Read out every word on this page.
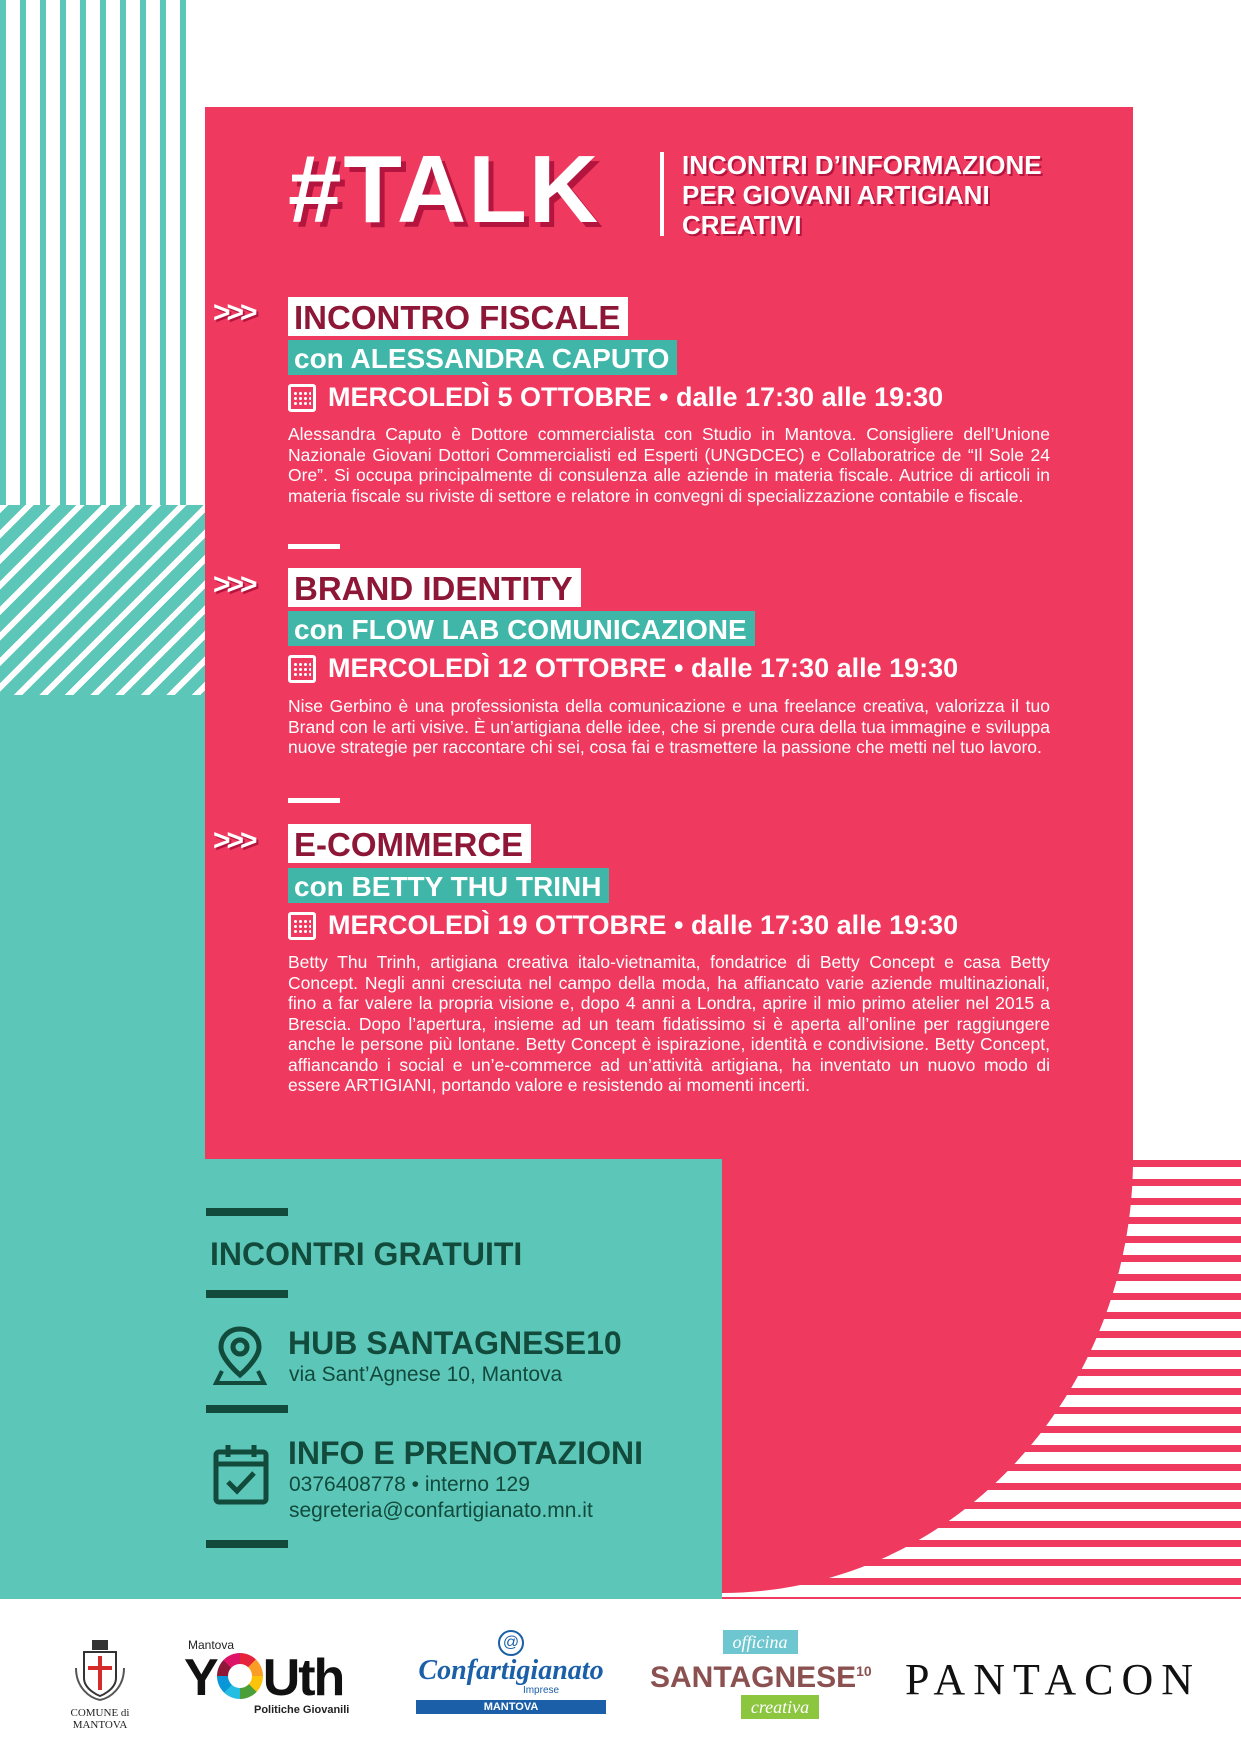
#TALK	INCONTRI D’INFORMAZIONE
PER GIOVANI ARTIGIANI
CREATIVI
>>> INCONTRO FISCALE
con ALESSANDRA CAPUTO
MERCOLEDÌ 5 OTTOBRE • dalle 17:30 alle 19:30
Alessandra Caputo è Dottore commercialista con Studio in Mantova. Consigliere dell’Unione Nazionale Giovani Dottori Commercialisti ed Esperti (UNGDCEC) e Collaboratrice de “Il Sole 24 Ore”. Si occupa principalmente di consulenza alle aziende in materia fiscale. Autrice di articoli in materia fiscale su riviste di settore e relatore in convegni di specializzazione contabile e fiscale.
>>> BRAND IDENTITY
con FLOW LAB COMUNICAZIONE
MERCOLEDÌ 12 OTTOBRE • dalle 17:30 alle 19:30
Nise Gerbino è una professionista della comunicazione e una freelance creativa, valorizza il tuo Brand con le arti visive. È un’artigiana delle idee, che si prende cura della tua immagine e sviluppa nuove strategie per raccontare chi sei, cosa fai e trasmettere la passione che metti nel tuo lavoro.
>>> E-COMMERCE
con BETTY THU TRINH
MERCOLEDÌ 19 OTTOBRE • dalle 17:30 alle 19:30
Betty Thu Trinh, artigiana creativa italo-vietnamita, fondatrice di Betty Concept e casa Betty Concept. Negli anni cresciuta nel campo della moda, ha affiancato varie aziende multinazionali, fino a far valere la propria visione e, dopo 4 anni a Londra, aprire il mio primo atelier nel 2015 a Brescia. Dopo l’apertura, insieme ad un team fidatissimo si è aperta all’online per raggiungere anche le persone più lontane. Betty Concept è ispirazione, identità e condivisione. Betty Concept, affiancando i social e un’e-commerce ad un’attività artigiana, ha inventato un nuovo modo di essere ARTIGIANI, portando valore e resistendo ai momenti incerti.
INCONTRI GRATUITI
HUB SANTAGNESE10
via Sant’Agnese 10, Mantova
INFO E PRENOTAZIONI
0376408778 • interno 129
segreteria@confartigianato.mn.it
COMUNE di
MANTOVA
Mantova
Y Uth
Politiche Giovanili
@
Confartigianato
Imprese
MANTOVA
officina
SANTAGNESE$^{10}$
creativa
PANTACON
